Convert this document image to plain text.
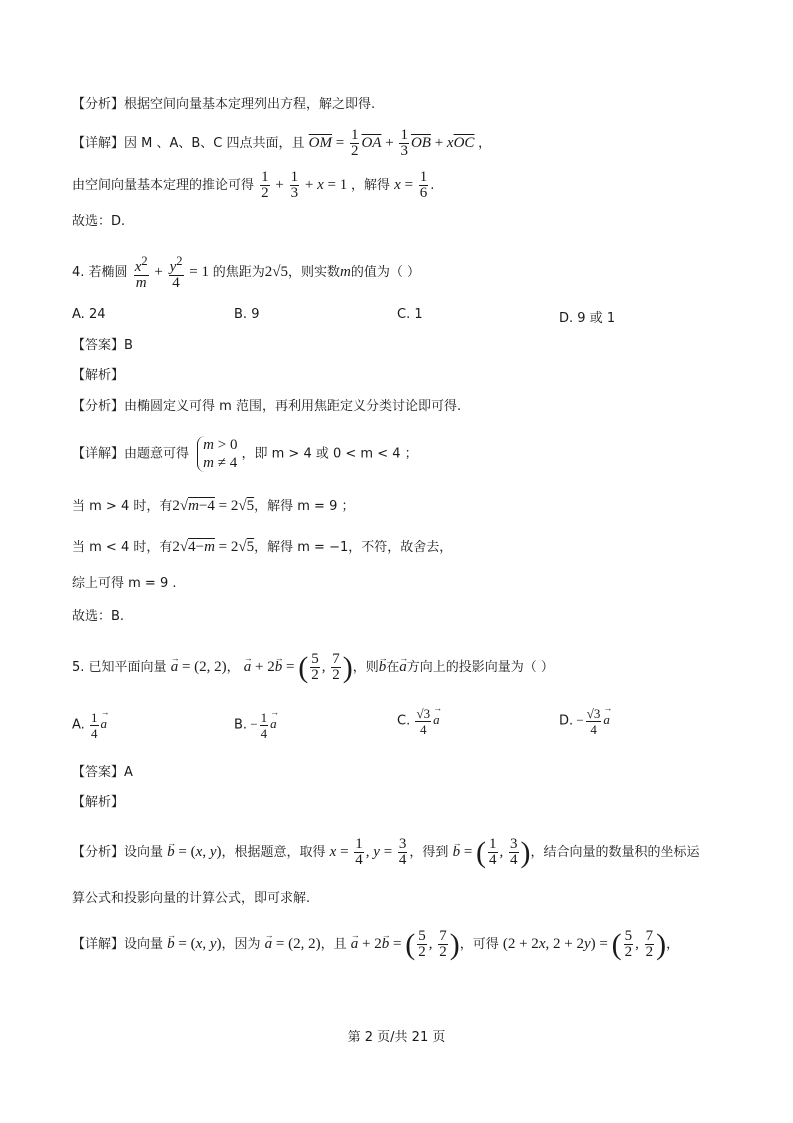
【分析】根据空间向量基本定理列出方程，解之即得.
【详解】因 M 、A、B、C 四点共面，且 $\overline{OM} = \frac{1}{2} \overline{OA} + \frac{1}{3} \overline{OB} + x\overline{OC}$ ，
由空间向量基本定理的推论可得 $\frac{1}{2} + \frac{1}{3} + x = 1$ ，解得 $x = \frac{1}{6}$ .
故选：D.
4. 若椭圆 $\frac{x^2}{m} + \frac{y^2}{4} = 1$ 的焦距为2√5，则实数m的值为（ ）
A. 24	B. 9	C. 1	D. 9 或 1
【答案】B
【解析】
【分析】由椭圆定义可得 m 范围，再利用焦距定义分类讨论即可得.
【详解】由题意可得
m > 0
m ≠ 4
，即 m > 4 或 0 < m < 4 ；
当 m > 4 时，有2√m−4 = 2√5，解得 m = 9 ；
当 m < 4 时，有2√4−m = 2√5，解得 m = −1，不符，故舍去，
综上可得 m = 9 .
故选：B.
5. 已知平面向量 → a = (2, 2)， → a + 2→ b = ( $\frac{5}{2}$ , $\frac{7}{2}$ )，则→ b在→ a方向上的投影向量为（ ）
A. $\frac{1}{4} \to a$	B. − $\frac{1}{4} \to a$	C. $\frac{√3}{4} \to a$	D. − $\frac{√3}{4} \to a$
【答案】A
【解析】
【分析】设向量 → b = (x, y)，根据题意，取得 $x = \frac{1}{4}$ , $y = \frac{3}{4}$ ，得到 → b = ( $\frac{1}{4}$ , $\frac{3}{4}$ )，结合向量的数量积的坐标运
算公式和投影向量的计算公式，即可求解.
【详解】设向量 → b = (x, y)，因为 → a = (2, 2)，且 → a + 2→ b = ( $\frac{5}{2}$ , $\frac{7}{2}$ )，可得 (2 + 2x, 2 + 2y) = ( $\frac{5}{2}$ , $\frac{7}{2}$ )，
第 2 页/共 21 页
